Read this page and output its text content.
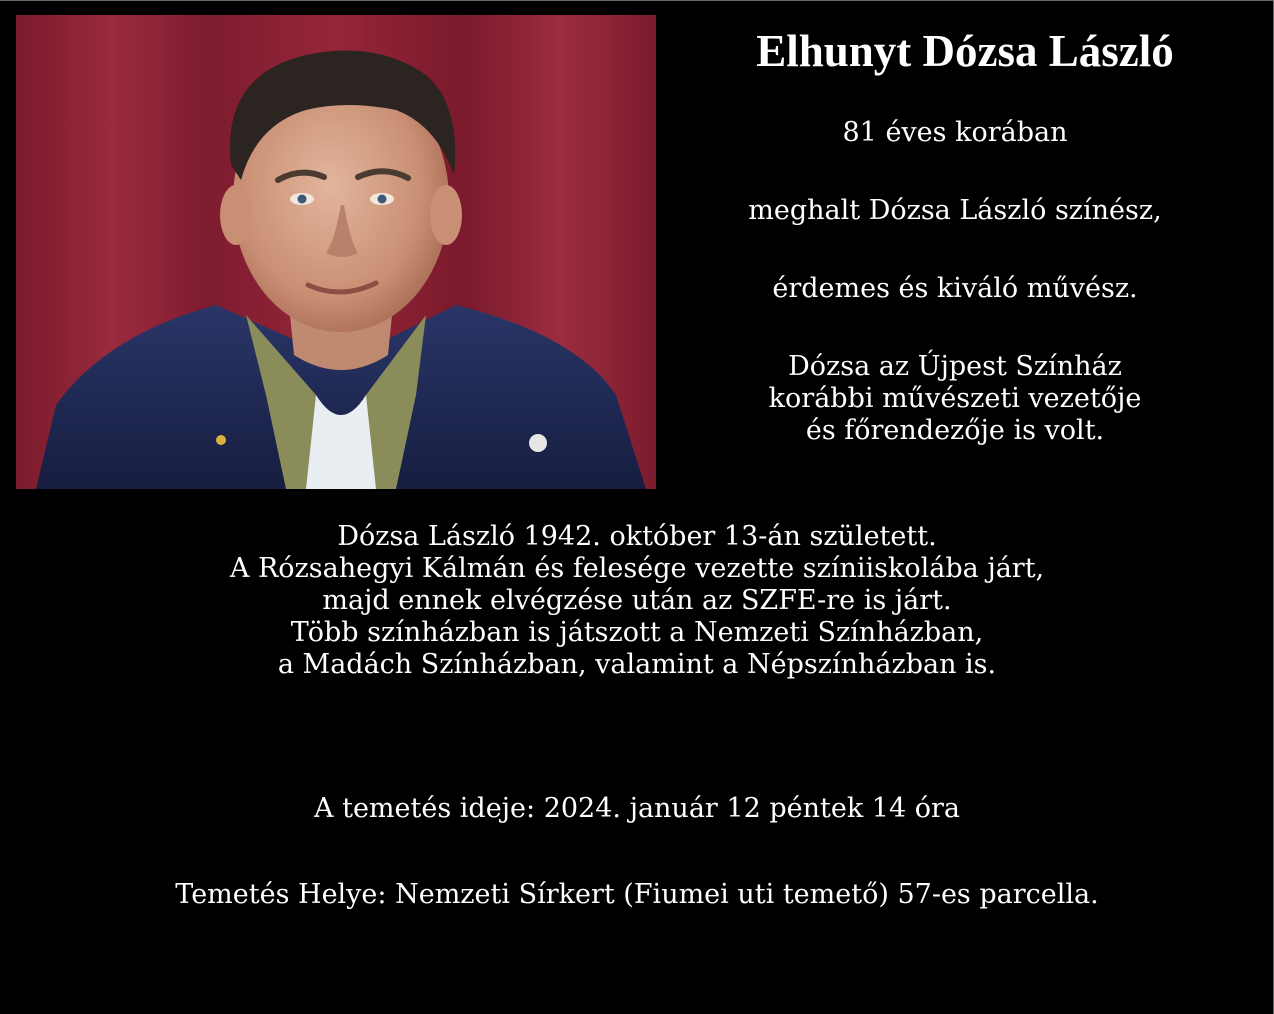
Elhunyt Dózsa László
81 éves korában
meghalt Dózsa László színész,
érdemes és kiváló művész.
Dózsa az Újpest Színház
korábbi művészeti vezetője
és főrendezője is volt.
Dózsa László 1942. október 13-án született.
A Rózsahegyi Kálmán és felesége vezette színiiskolába járt,
majd ennek elvégzése után az SZFE-re is járt.
Több színházban is játszott a Nemzeti Színházban,
a Madách Színházban, valamint a Népszínházban is.
A temetés ideje: 2024. január 12 péntek 14 óra
Temetés Helye: Nemzeti Sírkert (Fiumei uti temető) 57-es parcella.
